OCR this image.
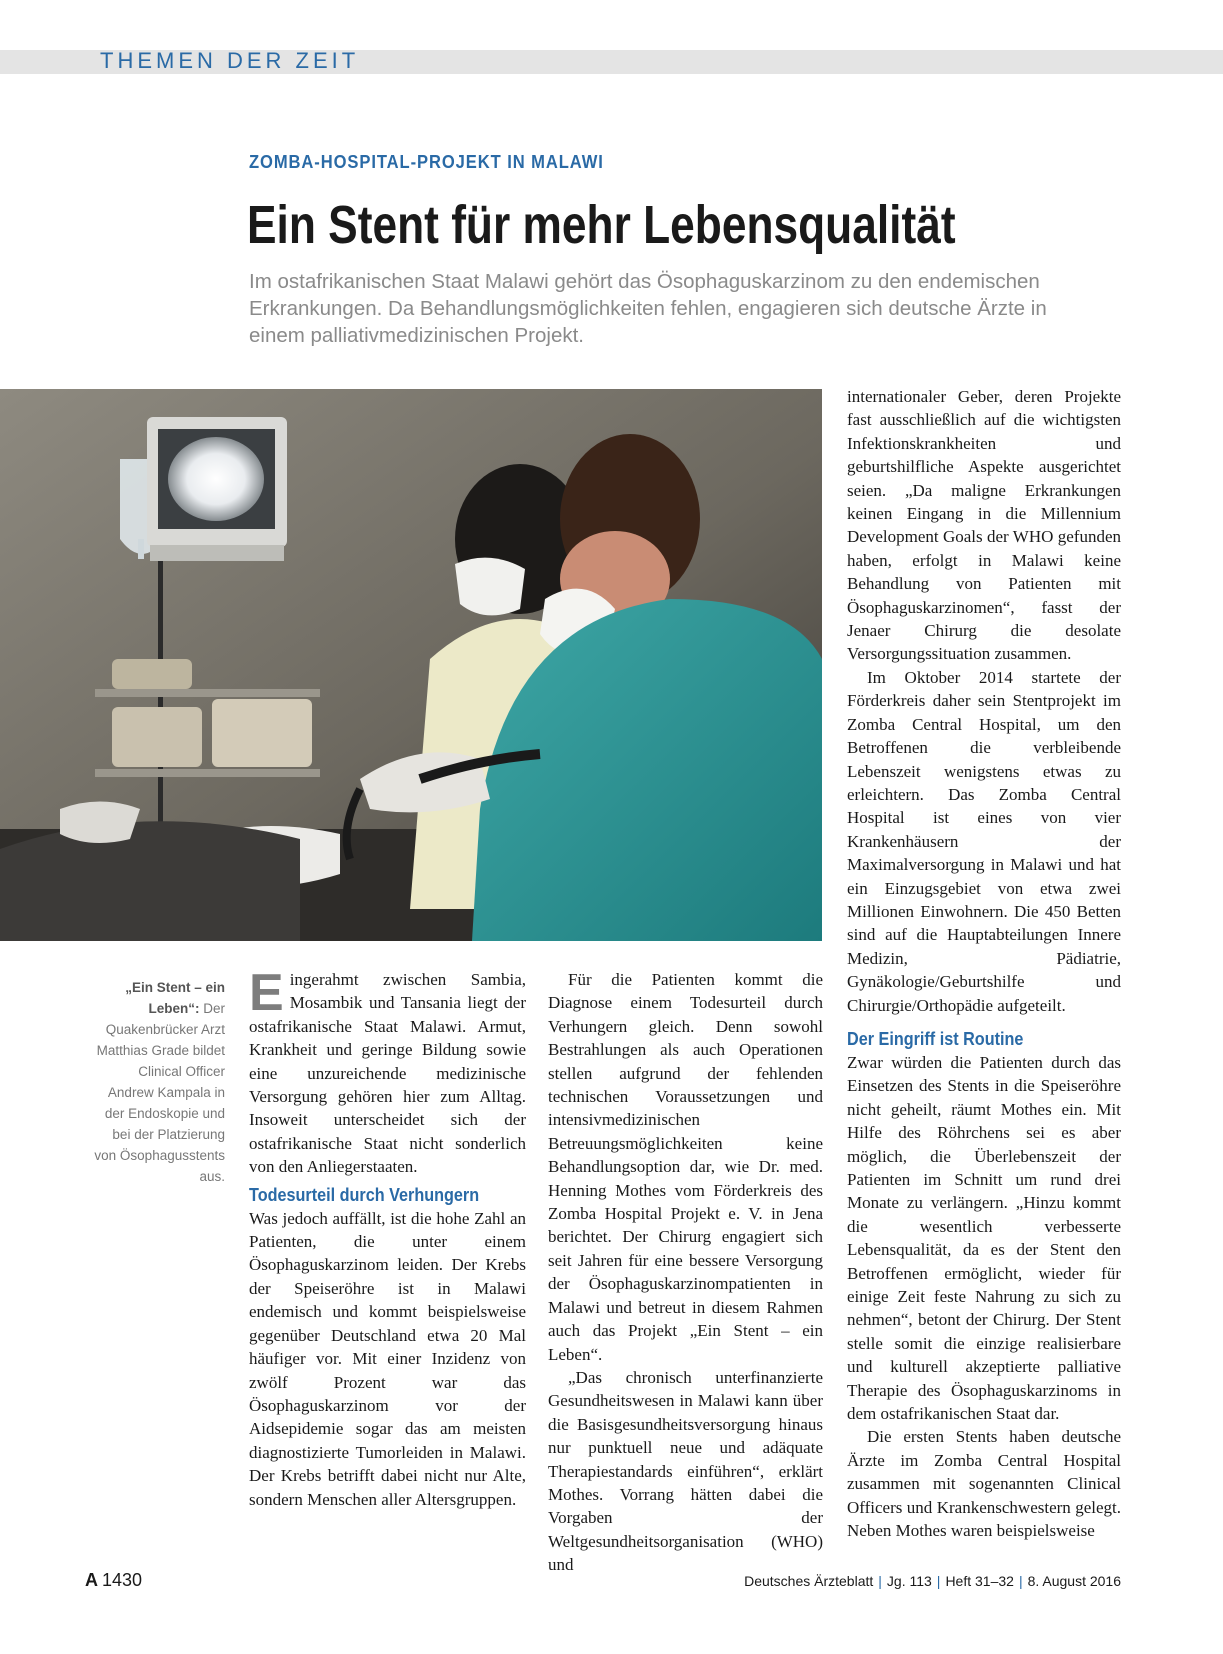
THEMEN DER ZEIT
ZOMBA-HOSPITAL-PROJEKT IN MALAWI
Ein Stent für mehr Lebensqualität

Im ostafrikanischen Staat Malawi gehört das Ösophaguskarzinom zu den endemischen Erkrankungen. Da Behandlungsmöglichkeiten fehlen, engagieren sich deutsche Ärzte in einem palliativmedizinischen Projekt.

„Ein Stent – ein Leben“: Der Quakenbrücker Arzt Matthias Grade bildet Clinical Officer Andrew Kampala in der Endoskopie und bei der Platzierung von Ösophagusstents aus.

Eingerahmt zwischen Sambia, Mosambik und Tansania liegt der ostafrikanische Staat Malawi. Armut, Krankheit und geringe Bildung sowie eine unzureichende medizinische Versorgung gehören hier zum Alltag. Insoweit unterscheidet sich der ostafrikanische Staat nicht sonderlich von den Anliegerstaaten.

Todesurteil durch Verhungern

Was jedoch auffällt, ist die hohe Zahl an Patienten, die unter einem Ösophaguskarzinom leiden. Der Krebs der Speiseröhre ist in Malawi endemisch und kommt beispielsweise gegenüber Deutschland etwa 20 Mal häufiger vor. Mit einer Inzidenz von zwölf Prozent war das Ösophaguskarzinom vor der Aidsepidemie sogar das am meisten diagnostizierte Tumorleiden in Malawi. Der Krebs betrifft dabei nicht nur Alte, sondern Menschen aller Altersgruppen.

Für die Patienten kommt die Diagnose einem Todesurteil durch Verhungern gleich. Denn sowohl Bestrahlungen als auch Operationen stellen aufgrund der fehlenden technischen Voraussetzungen und intensivmedizinischen Betreuungsmöglichkeiten keine Behandlungsoption dar, wie Dr. med. Henning Mothes vom Förderkreis des Zomba Hospital Projekt e. V. in Jena berichtet. Der Chirurg engagiert sich seit Jahren für eine bessere Versorgung der Ösophaguskarzinompatienten in Malawi und betreut in diesem Rahmen auch das Projekt „Ein Stent – ein Leben“.

„Das chronisch unterfinanzierte Gesundheitswesen in Malawi kann über die Basisgesundheitsversorgung hinaus nur punktuell neue und adäquate Therapiestandards einführen“, erklärt Mothes. Vorrang hätten dabei die Vorgaben der Weltgesundheitsorganisation (WHO) und

internationaler Geber, deren Projekte fast ausschließlich auf die wichtigsten Infektionskrankheiten und geburtshilfliche Aspekte ausgerichtet seien. „Da maligne Erkrankungen keinen Eingang in die Millennium Development Goals der WHO gefunden haben, erfolgt in Malawi keine Behandlung von Patienten mit Ösophaguskarzinomen“, fasst der Jenaer Chirurg die desolate Versorgungssituation zusammen.

Im Oktober 2014 startete der Förderkreis daher sein Stentprojekt im Zomba Central Hospital, um den Betroffenen die verbleibende Lebenszeit wenigstens etwas zu erleichtern. Das Zomba Central Hospital ist eines von vier Krankenhäusern der Maximalversorgung in Malawi und hat ein Einzugsgebiet von etwa zwei Millionen Einwohnern. Die 450 Betten sind auf die Hauptabteilungen Innere Medizin, Pädiatrie, Gynäkologie/Geburtshilfe und Chirurgie/Orthopädie aufgeteilt.

Der Eingriff ist Routine

Zwar würden die Patienten durch das Einsetzen des Stents in die Speiseröhre nicht geheilt, räumt Mothes ein. Mit Hilfe des Röhrchens sei es aber möglich, die Überlebenszeit der Patienten im Schnitt um rund drei Monate zu verlängern. „Hinzu kommt die wesentlich verbesserte Lebensqualität, da es der Stent den Betroffenen ermöglicht, wieder für einige Zeit feste Nahrung zu sich zu nehmen“, betont der Chirurg. Der Stent stelle somit die einzige realisierbare und kulturell akzeptierte palliative Therapie des Ösophaguskarzinoms in dem ostafrikanischen Staat dar.

Die ersten Stents haben deutsche Ärzte im Zomba Central Hospital zusammen mit sogenannten Clinical Officers und Krankenschwestern gelegt. Neben Mothes waren beispielsweise

A 1430	Deutsches Ärzteblatt | Jg. 113 | Heft 31–32 | 8. August 2016
